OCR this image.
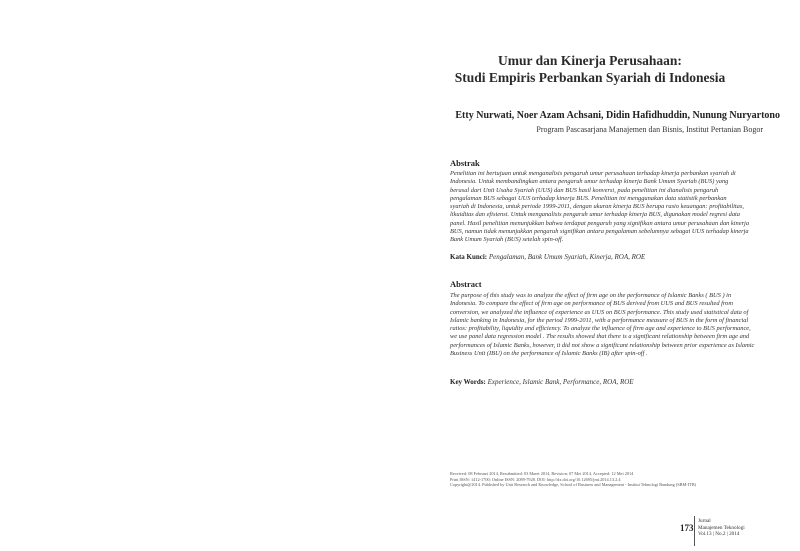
Umur dan Kinerja Perusahaan:
Studi Empiris Perbankan Syariah di Indonesia
Etty Nurwati, Noer Azam Achsani, Didin Hafidhuddin, Nunung Nuryartono
Program Pascasarjana Manajemen dan Bisnis, Institut Pertanian Bogor
Abstrak
Penelitian ini bertujuan untuk menganalisis pengaruh umur perusahaan terhadap kinerja perbankan syariah di
Indonesia. Untuk membandingkan antara pengaruh umur terhadap kinerja Bank Umum Syariah (BUS) yang
berasal dari Unit Usaha Syariah (UUS) dan BUS hasil konversi, pada penelitian ini dianalisis pengaruh
pengalaman BUS sebagai UUS terhadap kinerja BUS. Penelitian ini menggunakan data statistik perbankan
syariah di Indonesia, untuk periode 1999-2011, dengan ukuran kinerja BUS berupa rasio keuangan: profitabilitas,
likuiditas dan efisiensi. Untuk menganalisis pengaruh umur terhadap kinerja BUS, digunakan model regresi data
panel. Hasil penelitian menunjukkan bahwa terdapat pengaruh yang signifikan antara umur perusahaan dan kinerja
BUS, namun tidak menunjukkan pengaruh signifikan antara pengalaman sebelumnya sebagai UUS terhadap kinerja
Bank Umum Syariah (BUS) setelah spin-off.
Kata Kunci: Pengalaman, Bank Umum Syariah, Kinerja, ROA, ROE
Abstract
The purpose of this study was to analyze the effect of firm age on the performance of Islamic Banks ( BUS ) in
Indonesia. To compare the effect of firm age on performance of BUS derived from UUS and BUS resulted from
conversion, we analyzed the influence of experience as UUS on BUS performance. This study used statistical data of
Islamic banking in Indonesia, for the period 1999-2011, with a performance measure of BUS in the form of financial
ratios: profitability, liquidity and efficiency. To analyze the influence of firm age and experience to BUS performance,
we use panel data regression model . The results showed that there is a significant relationship between firm age and
performances of Islamic Banks, however, it did not show a significant relationship between prior experience as Islamic
Business Unit (IBU) on the performance of Islamic Banks (IB) after spin-off .
Key Words: Experience, Islamic Bank, Performance, ROA, ROE
Received: 08 Februari 2014, Resubmitted: 03 Maret 2014, Revision: 07 Mei 2014, Accepted: 12 Mei 2014
Print ISSN: 1412-1700; Online ISSN: 2089-7928. DOI: http://dx.doi.org/10.12695/jmt.2014.13.2.4
Copyright@2014. Published by Unit Research and Knowledge, School of Business and Management - Institut Teknologi Bandung (SBM-ITB)
173
Jurnal
Manajemen Teknologi
Vol.13 | No.2 | 2014
